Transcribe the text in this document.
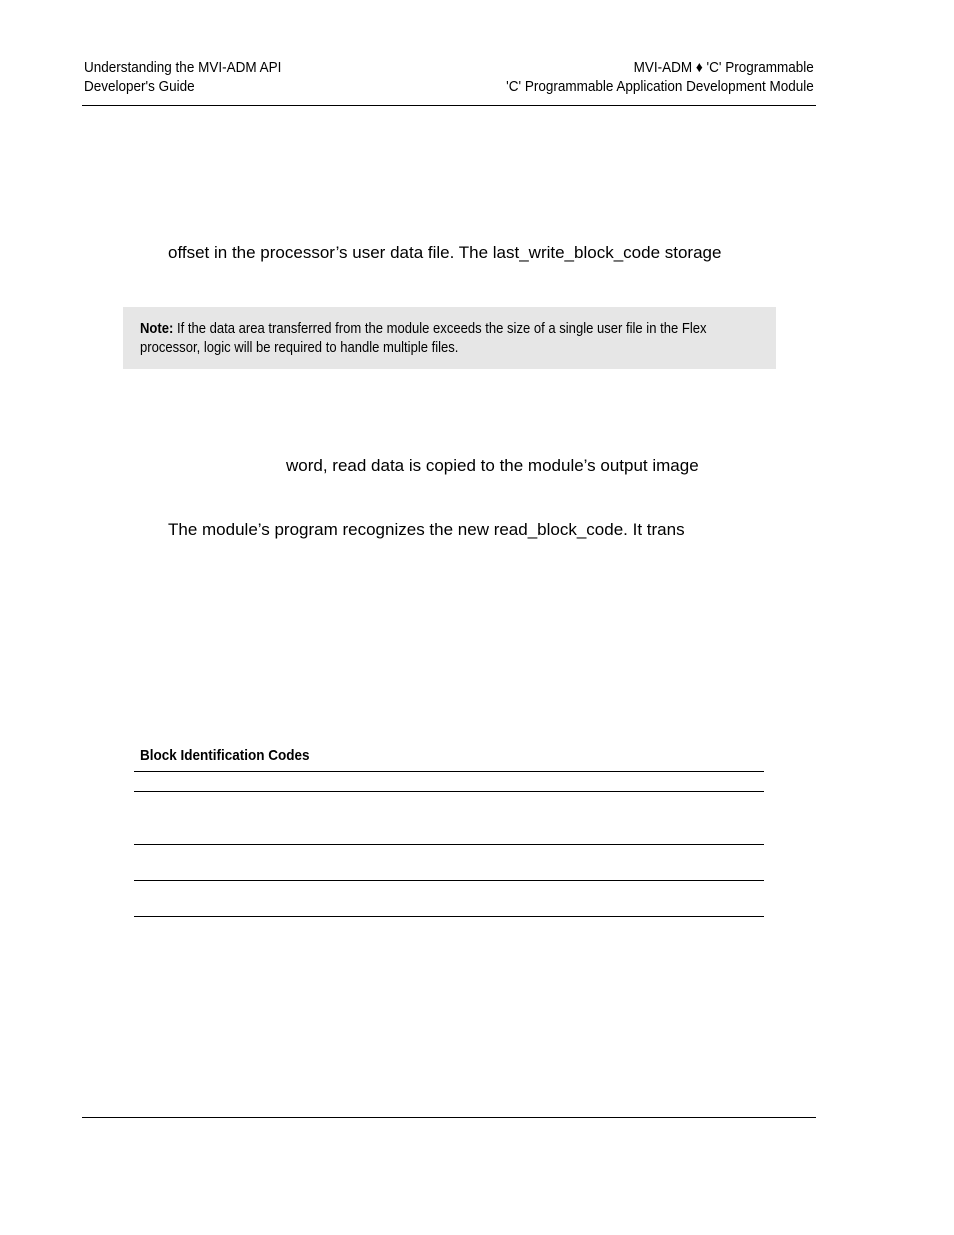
Understanding the MVI-ADM API
Developer's Guide
MVI-ADM ♦ 'C' Programmable
'C' Programmable Application Development Module
offset in the processor’s user data file. The last_write_block_code storage
Note: If the data area transferred from the module exceeds the size of a single user file in the Flex
processor, logic will be required to handle multiple files.
word, read data is copied to the module’s output image
The module’s program recognizes the new read_block_code. It trans
Block Identification Codes
